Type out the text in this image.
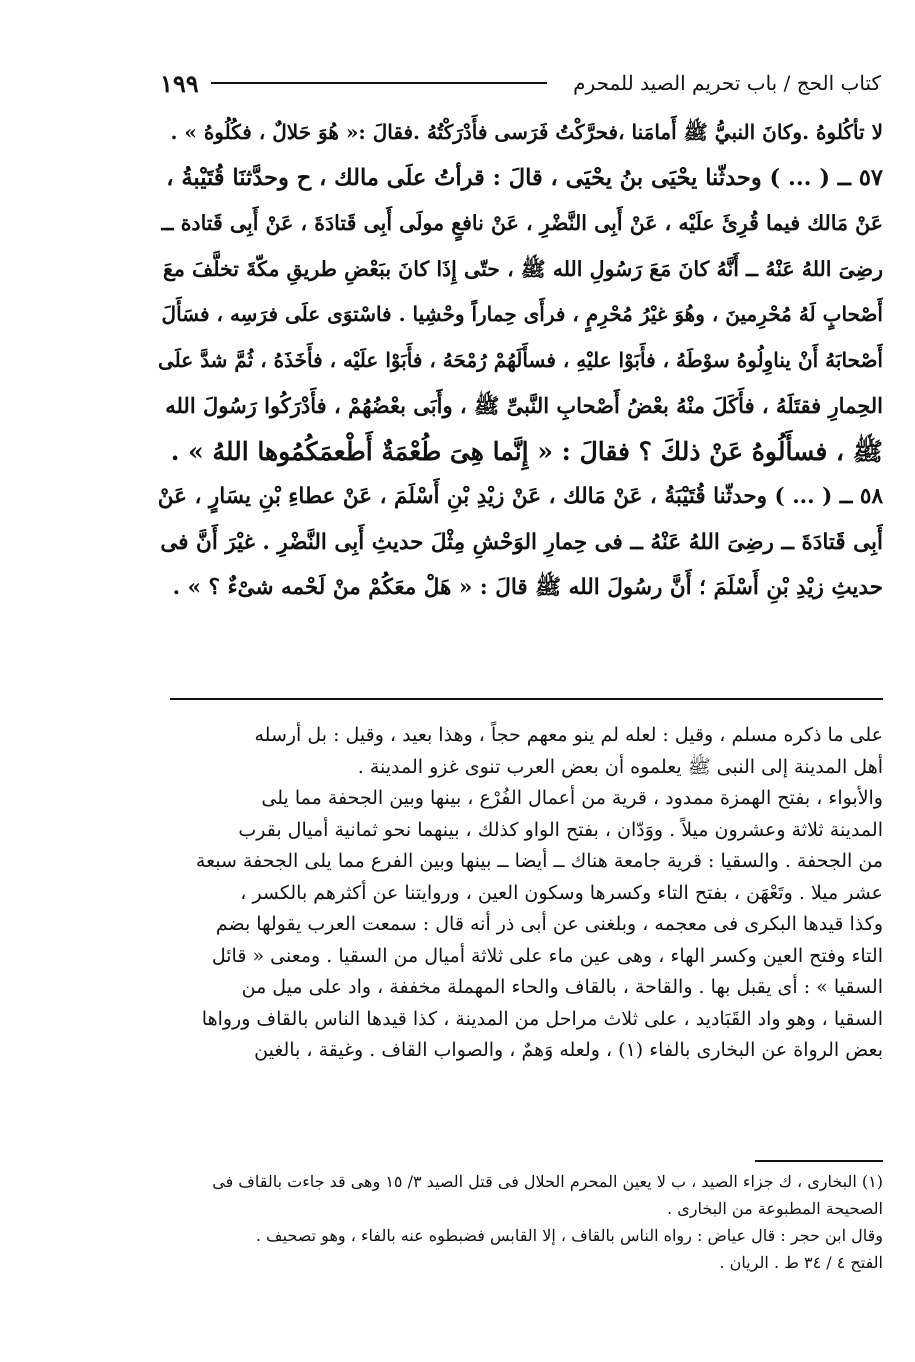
كتاب الحج / باب تحريم الصيد للمحرم
١٩٩
لا تأكُلوهُ .وكانَ النبيُّ ﷺ أَمامَنا ،فحرَّكْتُ فَرَسى فأَدْرَكْتُهُ .فقالَ :« هُوَ حَلالٌ ، فكُلُوهُ » .
٥٧ ــ ( ... ) وحدثّنا يحْيَى بنُ يحْيَى ، قالَ : قرأتُ علَى مالك ، ح وحدَّثنَا قُتَيْبةُ ،
عَنْ مَالك فيما قُرِئَ علَيْه ، عَنْ أَبِى النَّضْرِ ، عَنْ نافعٍ مولَى أَبِى قَتادَةَ ، عَنْ أَبِى قَتادة ــ
رضِىَ اللهُ عَنْهُ ــ أَنَّهُ كانَ مَعَ رَسُولِ الله ﷺ ، حتّى إِذَا كانَ ببَعْضِ طريقِ مكّةَ تخلَّفَ معَ
أَصْحابٍ لَهُ مُحْرِمينَ ، وهُوَ غيْرُ مُحْرِمٍ ، فرأَى حِماراً وحْشِيا . فاسْتوَى علَى فرَسِه ، فسَأَلَ
أَصْحابَهُ أَنْ يناوِلُوهُ سوْطَهُ ، فأَبَوْا عليْهِ ، فسأَلَهُمْ رُمْحَهُ ، فأَبَوْا علَيْه ، فأَخَذَهُ ، ثُمَّ شدَّ علَى
الحِمارِ فقتَلَهُ ، فأَكَلَ منْهُ بعْضُ أَصْحابِ النَّبىِّ ﷺ ، وأَبَى بعْضُهُمْ ، فأَدْرَكُوا رَسُولَ الله
ﷺ ، فسأَلُوهُ عَنْ ذلكَ ؟ فقالَ : « إِنَّما هِىَ طُعْمَةٌ أَطْعمَكُمُوها اللهُ » .
٥٨ ــ ( ... ) وحدثّنا قُتَيْبَةُ ، عَنْ مَالك ، عَنْ زيْدِ بْنِ أَسْلَمَ ، عَنْ عطاءِ بْنِ يسَارٍ ، عَنْ
أَبِى قَتادَةَ ــ رضِىَ اللهُ عَنْهُ ــ فى حِمارِ الوَحْشِ مِثْلَ حديثِ أَبِى النَّضْرِ . غيْرَ أَنَّ فى
حديثِ زيْدِ بْنِ أَسْلَمَ ؛ أَنَّ رسُولَ الله ﷺ قالَ : « هَلْ معَكُمْ منْ لَحْمه شىْءٌ ؟ » .
على ما ذكره مسلم ، وقيل : لعله لم ينو معهم حجاً ، وهذا بعيد ، وقيل : بل أرسله
أهل المدينة إلى النبى ﷺ يعلموه أن بعض العرب تنوى غزو المدينة .
والأبواء ، بفتح الهمزة ممدود ، قرية من أعمال الفُرْع ، بينها وبين الجحفة مما يلى
المدينة ثلاثة وعشرون ميلاً . ووَدّان ، بفتح الواو كذلك ، بينهما نحو ثمانية أميال بقرب
من الجحفة . والسقيا : قرية جامعة هناك ــ أيضا ــ بينها وبين الفرع مما يلى الجحفة سبعة
عشر ميلا . وتَعْهَن ، بفتح التاء وكسرها وسكون العين ، وروايتنا عن أكثرهم بالكسر ،
وكذا قيدها البكرى فى معجمه ، وبلغنى عن أبى ذر أنه قال : سمعت العرب يقولها بضم
التاء وفتح العين وكسر الهاء ، وهى عين ماء على ثلاثة أميال من السقيا . ومعنى « قائل
السقيا » : أى يقبل بها . والقاحة ، بالقاف والحاء المهملة مخففة ، واد على ميل من
السقيا ، وهو واد القَبَاديد ، على ثلاث مراحل من المدينة ، كذا قيدها الناس بالقاف ورواها
بعض الرواة عن البخارى بالفاء (١) ، ولعله وَهمٌ ، والصواب القاف . وغيقة ، بالغين
(١) البخارى ، ك جزاء الصيد ، ب لا يعين المحرم الحلال فى قتل الصيد ٣/ ١٥ وهى قد جاءت بالقاف فى
الصحيحة المطبوعة من البخارى .
وقال ابن حجر : قال عياض : رواه الناس بالقاف ، إلا القابس فضبطوه عنه بالفاء ، وهو تصحيف .
الفتح ٤ / ٣٤ ط . الريان .
